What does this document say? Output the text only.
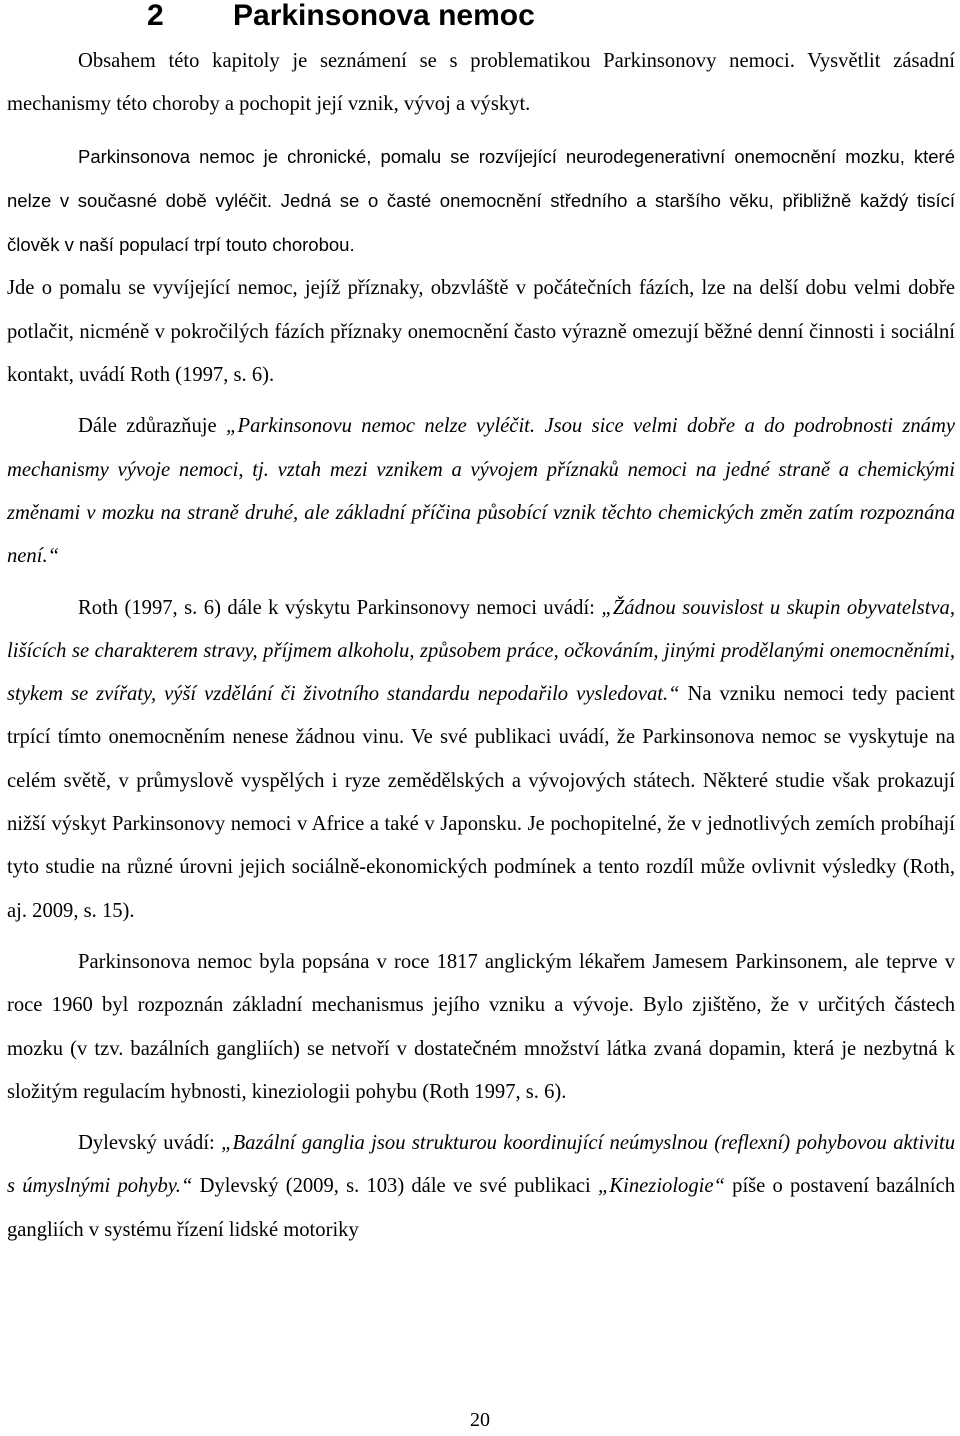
2 Parkinsonova nemoc

Obsahem této kapitoly je seznámení se s problematikou Parkinsonovy nemoci. Vysvětlit zásadní mechanismy této choroby a pochopit její vznik, vývoj a výskyt.

Parkinsonova nemoc je chronické, pomalu se rozvíjející neurodegenerativní onemocnění mozku, které nelze v současné době vyléčit. Jedná se o časté onemocnění středního a staršího věku, přibližně každý tisící člověk v naší populací trpí touto chorobou.

Jde o pomalu se vyvíjející nemoc, jejíž příznaky, obzvláště v počátečních fázích, lze na delší dobu velmi dobře potlačit, nicméně v pokročilých fázích příznaky onemocnění často výrazně omezují běžné denní činnosti i sociální kontakt, uvádí Roth (1997, s. 6).

Dále zdůrazňuje „Parkinsonovu nemoc nelze vyléčit. Jsou sice velmi dobře a do podrobnosti známy mechanismy vývoje nemoci, tj. vztah mezi vznikem a vývojem příznaků nemoci na jedné straně a chemickými změnami v mozku na straně druhé, ale základní příčina působící vznik těchto chemických změn zatím rozpoznána není.“

Roth (1997, s. 6) dále k výskytu Parkinsonovy nemoci uvádí: „Žádnou souvislost u skupin obyvatelstva, lišících se charakterem stravy, příjmem alkoholu, způsobem práce, očkováním, jinými prodělanými onemocněními, stykem se zvířaty, výší vzdělání či životního standardu nepodařilo vysledovat.“ Na vzniku nemoci tedy pacient trpící tímto onemocněním nenese žádnou vinu. Ve své publikaci uvádí, že Parkinsonova nemoc se vyskytuje na celém světě, v průmyslově vyspělých i ryze zemědělských a vývojových státech. Některé studie však prokazují nižší výskyt Parkinsonovy nemoci v Africe a také v Japonsku. Je pochopitelné, že v jednotlivých zemích probíhají tyto studie na různé úrovni jejich sociálně-ekonomických podmínek a tento rozdíl může ovlivnit výsledky (Roth, aj. 2009, s. 15).

Parkinsonova nemoc byla popsána v roce 1817 anglickým lékařem Jamesem Parkinsonem, ale teprve v roce 1960 byl rozpoznán základní mechanismus jejího vzniku a vývoje. Bylo zjištěno, že v určitých částech mozku (v tzv. bazálních gangliích) se netvoří v dostatečném množství látka zvaná dopamin, která je nezbytná k složitým regulacím hybnosti, kineziologii pohybu (Roth 1997, s. 6).

Dylevský uvádí: „Bazální ganglia jsou strukturou koordinující neúmyslnou (reflexní) pohybovou aktivitu s úmyslnými pohyby.“ Dylevský (2009, s. 103) dále ve své publikaci „Kineziologie“ píše o postavení bazálních gangliích v systému řízení lidské motoriky

20
